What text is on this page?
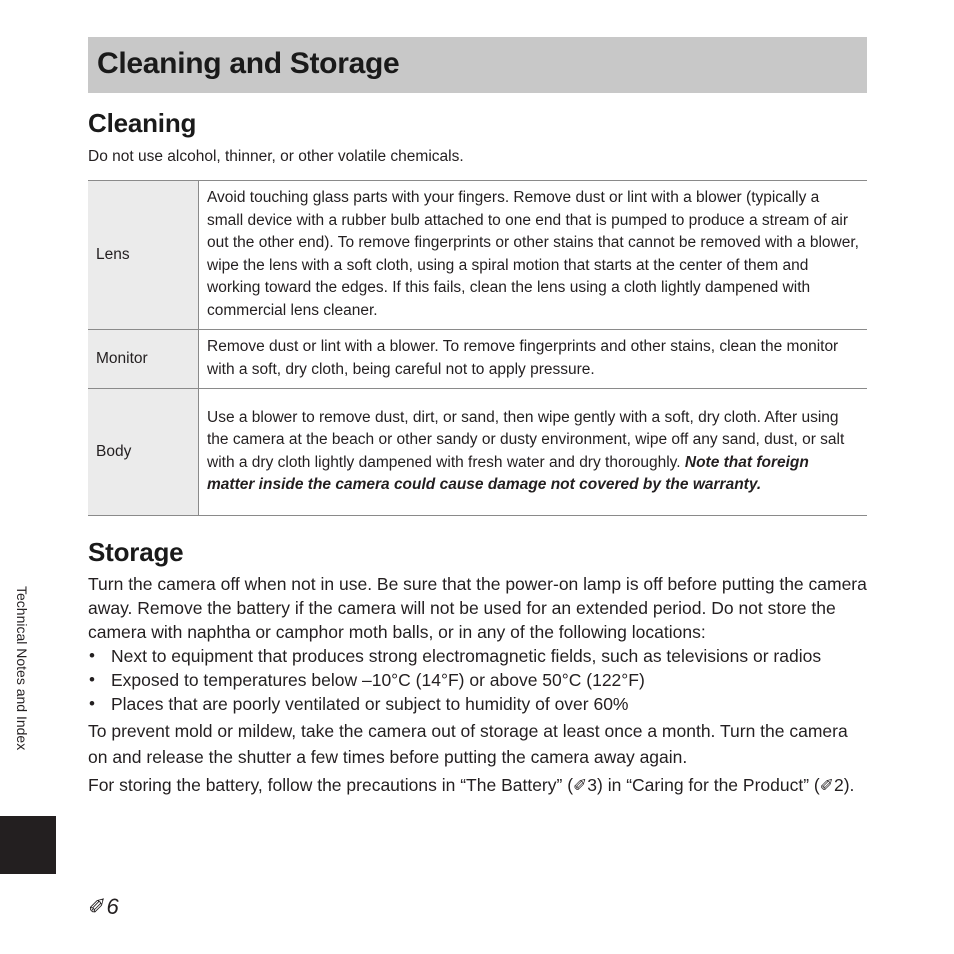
Cleaning and Storage
Cleaning

Do not use alcohol, thinner, or other volatile chemicals.

Lens	Avoid touching glass parts with your fingers. Remove dust or lint with a blower (typically a small device with a rubber bulb attached to one end that is pumped to produce a stream of air out the other end). To remove fingerprints or other stains that cannot be removed with a blower, wipe the lens with a soft cloth, using a spiral motion that starts at the center of them and working toward the edges. If this fails, clean the lens using a cloth lightly dampened with commercial lens cleaner.
Monitor	Remove dust or lint with a blower. To remove fingerprints and other stains, clean the monitor with a soft, dry cloth, being careful not to apply pressure.
Body	Use a blower to remove dust, dirt, or sand, then wipe gently with a soft, dry cloth. After using the camera at the beach or other sandy or dusty environment, wipe off any sand, dust, or salt with a dry cloth lightly dampened with fresh water and dry thoroughly. Note that foreign matter inside the camera could cause damage not covered by the warranty.
Storage

Turn the camera off when not in use. Be sure that the power-on lamp is off before putting the camera away. Remove the battery if the camera will not be used for an extended period. Do not store the camera with naphtha or camphor moth balls, or in any of the following locations:

• Next to equipment that produces strong electromagnetic fields, such as televisions or radios
• Exposed to temperatures below –10°C (14°F) or above 50°C (122°F)
• Places that are poorly ventilated or subject to humidity of over 60%

To prevent mold or mildew, take the camera out of storage at least once a month. Turn the camera on and release the shutter a few times before putting the camera away again.

For storing the battery, follow the precautions in “The Battery” (✐3) in “Caring for the Product” (✐2).

Technical Notes and Index
✐6
